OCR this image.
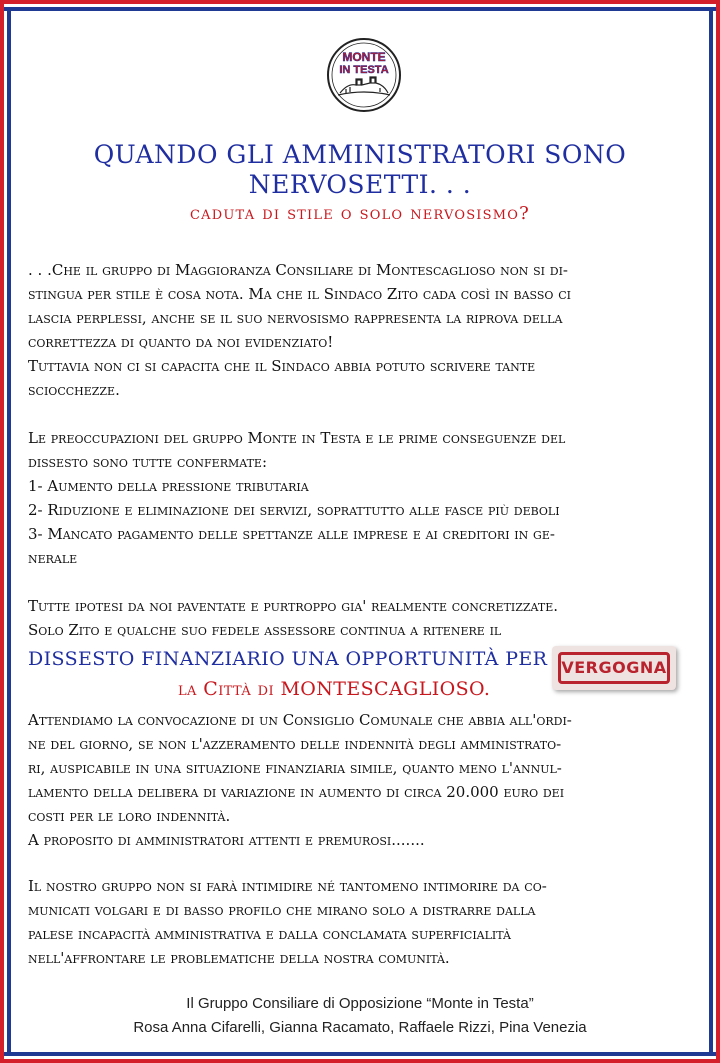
MONTE
IN TESTA
QUANDO GLI AMMINISTRATORI SONO
NERVOSETTI. . .
caduta di stile o solo nervosismo?
. . .Che il gruppo di Maggioranza Consiliare di Montescaglioso non si di-
stingua per stile è cosa nota. Ma che il Sindaco Zito cada così in basso ci
lascia perplessi, anche se il suo nervosismo rappresenta la riprova della
correttezza di quanto da noi evidenziato!
Tuttavia non ci si capacita che il Sindaco abbia potuto scrivere tante
sciocchezze.
Le preoccupazioni del gruppo Monte in Testa e le prime conseguenze del
dissesto sono tutte confermate:
1- Aumento della pressione tributaria
2- Riduzione e eliminazione dei servizi, soprattutto alle fasce più deboli
3- Mancato pagamento delle spettanze alle imprese e ai creditori in ge-
nerale
Tutte ipotesi da noi paventate e purtroppo gia' realmente concretizzate.
Solo Zito e qualche suo fedele assessore continua a ritenere il
DISSESTO FINANZIARIO UNA OPPORTUNITÀ PER
la Città di MONTESCAGLIOSO.
VERGOGNA
Attendiamo la convocazione di un Consiglio Comunale che abbia all'ordi-
ne del giorno, se non l'azzeramento delle indennità degli amministrato-
ri, auspicabile in una situazione finanziaria simile, quanto meno l'annul-
lamento della delibera di variazione in aumento di circa 20.000 euro dei
costi per le loro indennità.
A proposito di amministratori attenti e premurosi.......
Il nostro gruppo non si farà intimidire né tantomeno intimorire da co-
municati volgari e di basso profilo che mirano solo a distrarre dalla
palese incapacità amministrativa e dalla conclamata superficialità
nell'affrontare le problematiche della nostra comunità.
Il Gruppo Consiliare di Opposizione “Monte in Testa”
Rosa Anna Cifarelli, Gianna Racamato, Raffaele Rizzi, Pina Venezia
